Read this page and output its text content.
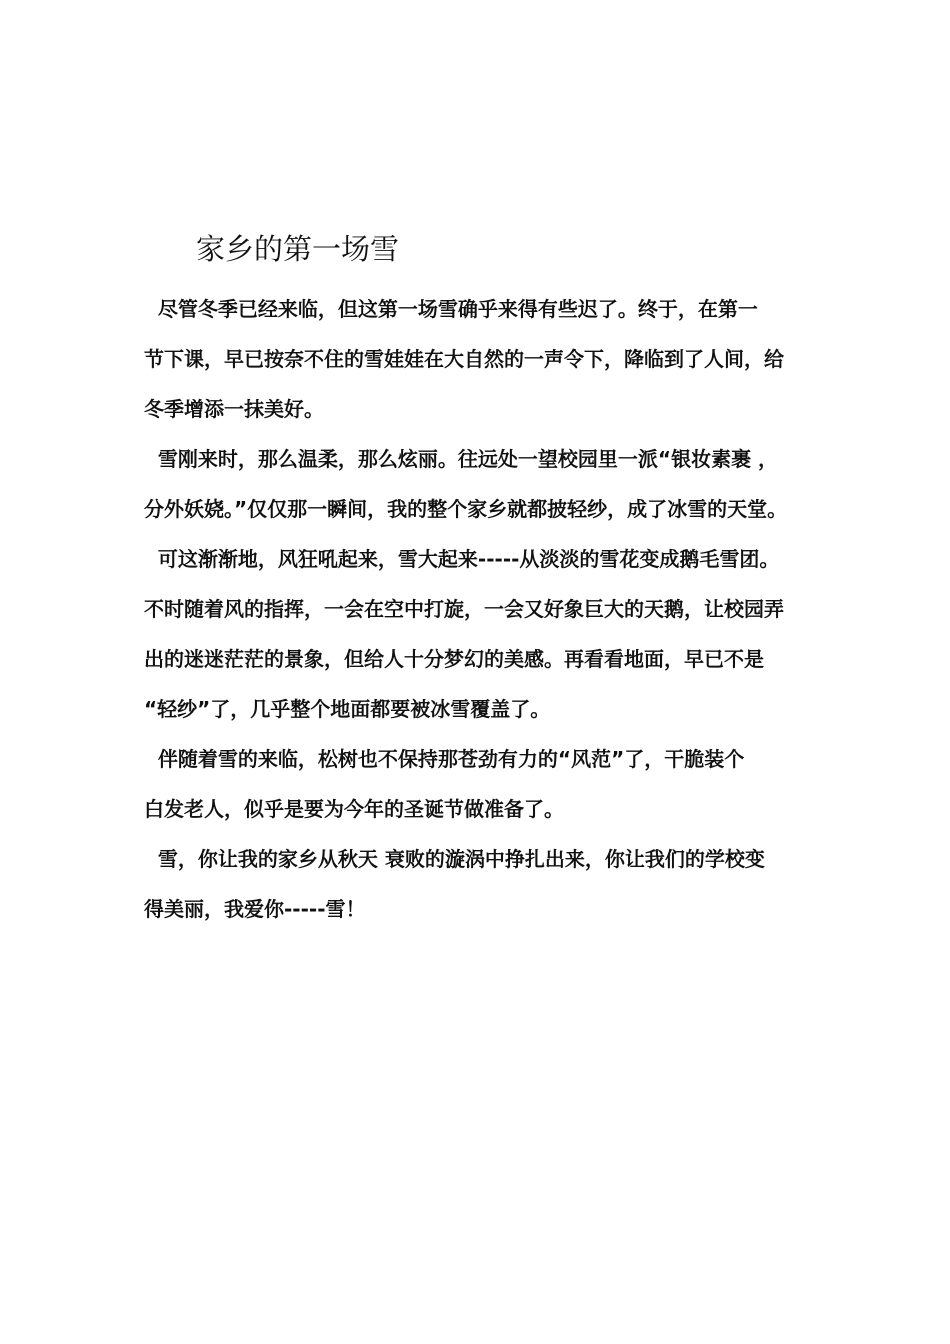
家乡的第一场雪
尽管冬季已经来临，但这第一场雪确乎来得有些迟了。终于，在第一
节下课，早已按奈不住的雪娃娃在大自然的一声令下，降临到了人间，给
冬季增添一抹美好。
雪刚来时，那么温柔，那么炫丽。往远处一望校园里一派“银妆素裹 ，
分外妖娆。”仅仅那一瞬间，我的整个家乡就都披轻纱，成了冰雪的天堂。
可这渐渐地，风狂吼起来，雪大起来-----从淡淡的雪花变成鹅毛雪团。
不时随着风的指挥，一会在空中打旋，一会又好象巨大的天鹅，让校园弄
出的迷迷茫茫的景象，但给人十分梦幻的美感。再看看地面，早已不是
“轻纱”了，几乎整个地面都要被冰雪覆盖了。
伴随着雪的来临，松树也不保持那苍劲有力的“风范”了，干脆装个
白发老人，似乎是要为今年的圣诞节做准备了。
雪，你让我的家乡从秋天 衰败的漩涡中挣扎出来，你让我们的学校变
得美丽，我爱你-----雪！
